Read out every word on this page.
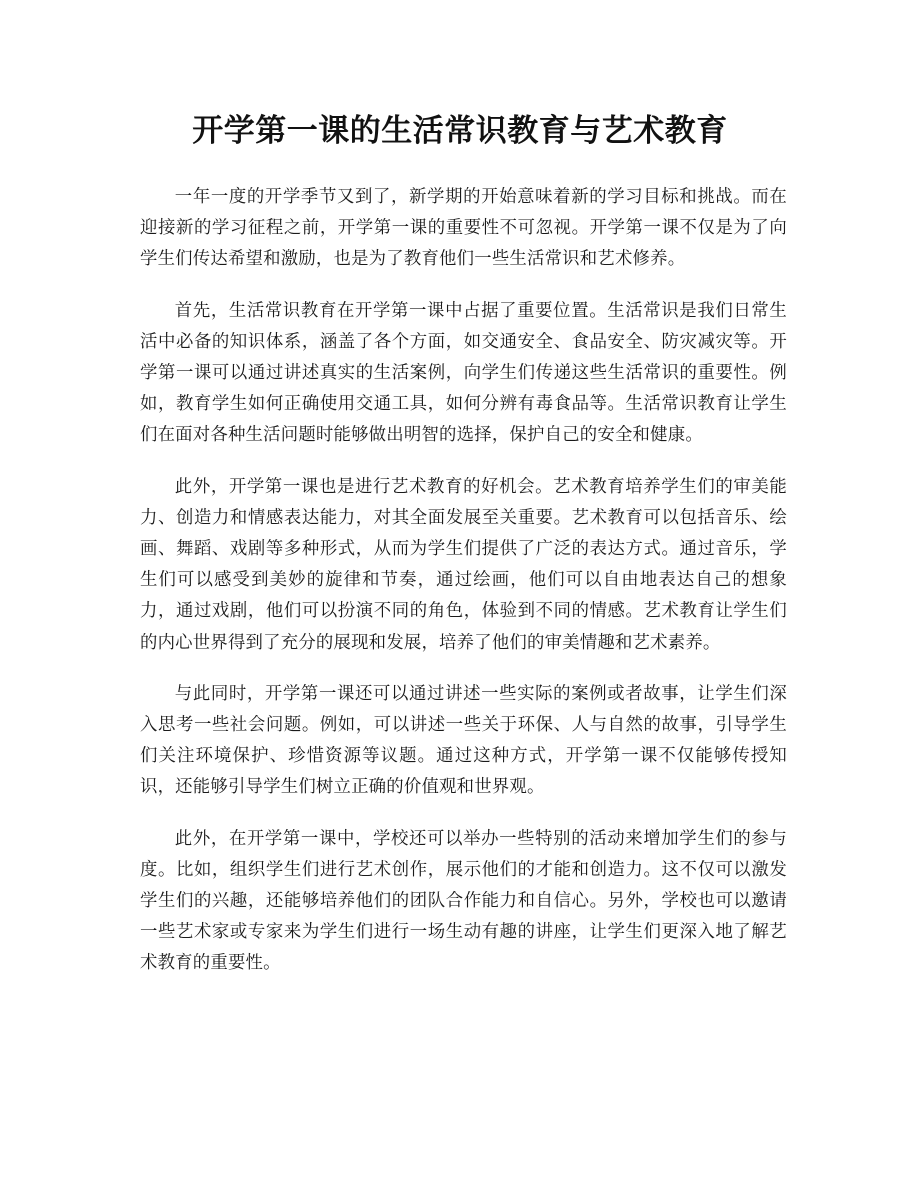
开学第一课的生活常识教育与艺术教育

一年一度的开学季节又到了，新学期的开始意味着新的学习目标和挑战。而在迎接新的学习征程之前，开学第一课的重要性不可忽视。开学第一课不仅是为了向学生们传达希望和激励，也是为了教育他们一些生活常识和艺术修养。

首先，生活常识教育在开学第一课中占据了重要位置。生活常识是我们日常生活中必备的知识体系，涵盖了各个方面，如交通安全、食品安全、防灾减灾等。开学第一课可以通过讲述真实的生活案例，向学生们传递这些生活常识的重要性。例如，教育学生如何正确使用交通工具，如何分辨有毒食品等。生活常识教育让学生们在面对各种生活问题时能够做出明智的选择，保护自己的安全和健康。

此外，开学第一课也是进行艺术教育的好机会。艺术教育培养学生们的审美能力、创造力和情感表达能力，对其全面发展至关重要。艺术教育可以包括音乐、绘画、舞蹈、戏剧等多种形式，从而为学生们提供了广泛的表达方式。通过音乐，学生们可以感受到美妙的旋律和节奏，通过绘画，他们可以自由地表达自己的想象力，通过戏剧，他们可以扮演不同的角色，体验到不同的情感。艺术教育让学生们的内心世界得到了充分的展现和发展，培养了他们的审美情趣和艺术素养。

与此同时，开学第一课还可以通过讲述一些实际的案例或者故事，让学生们深入思考一些社会问题。例如，可以讲述一些关于环保、人与自然的故事，引导学生们关注环境保护、珍惜资源等议题。通过这种方式，开学第一课不仅能够传授知识，还能够引导学生们树立正确的价值观和世界观。

此外，在开学第一课中，学校还可以举办一些特别的活动来增加学生们的参与度。比如，组织学生们进行艺术创作，展示他们的才能和创造力。这不仅可以激发学生们的兴趣，还能够培养他们的团队合作能力和自信心。另外，学校也可以邀请一些艺术家或专家来为学生们进行一场生动有趣的讲座，让学生们更深入地了解艺术教育的重要性。
